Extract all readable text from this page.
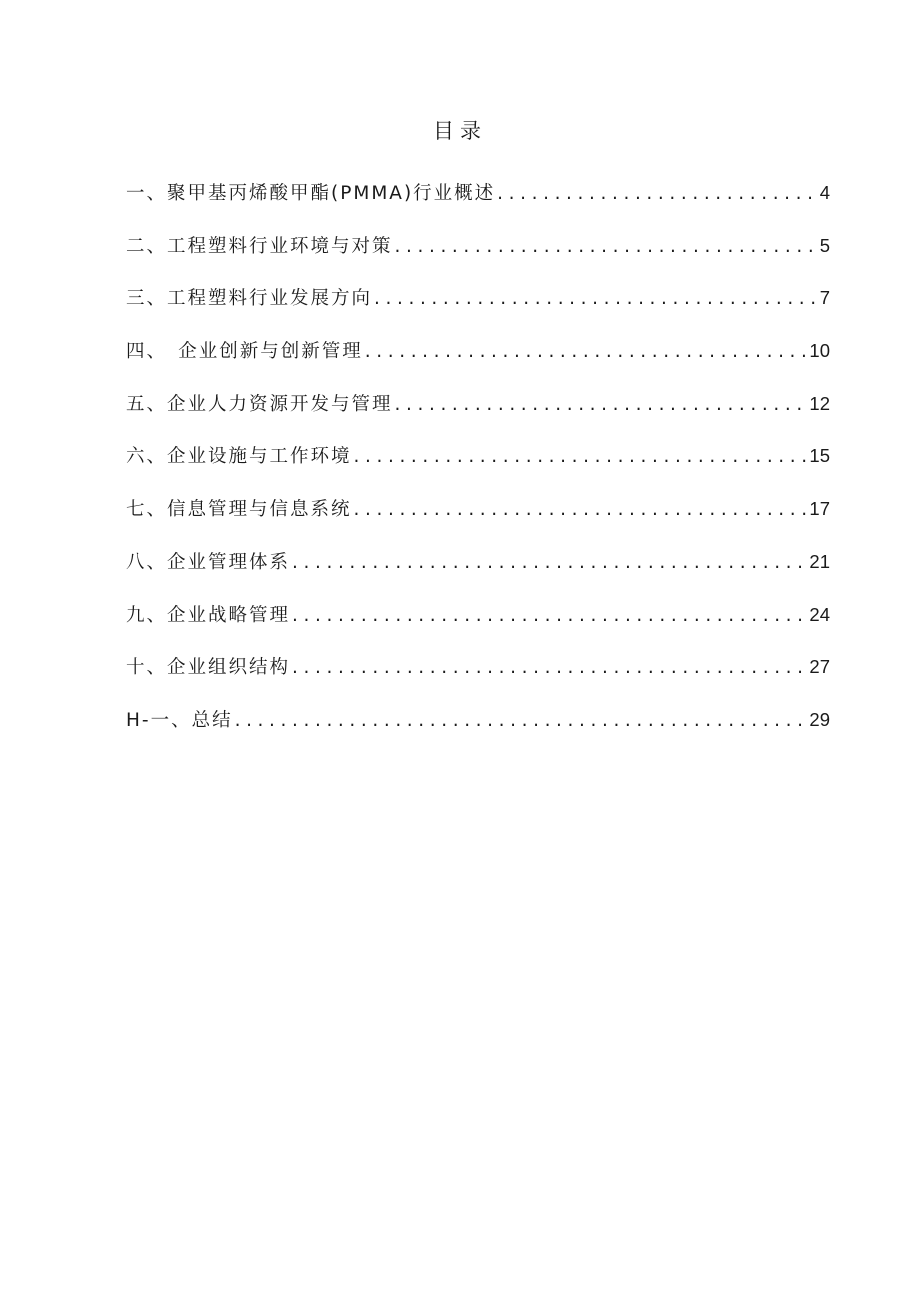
目录
一、聚甲基丙烯酸甲酯(PMMA)行业概述 .....	4
二、工程塑料行业环境与对策 .....	5
三、工程塑料行业发展方向 .....	7
四、　企业创新与创新管理 .....	10
五、企业人力资源开发与管理 .....	12
六、企业设施与工作环境 .....	15
七、信息管理与信息系统 .....	17
八、企业管理体系 .....	21
九、企业战略管理 .....	24
十、企业组织结构 .....	27
H-一、总结 .....	29
